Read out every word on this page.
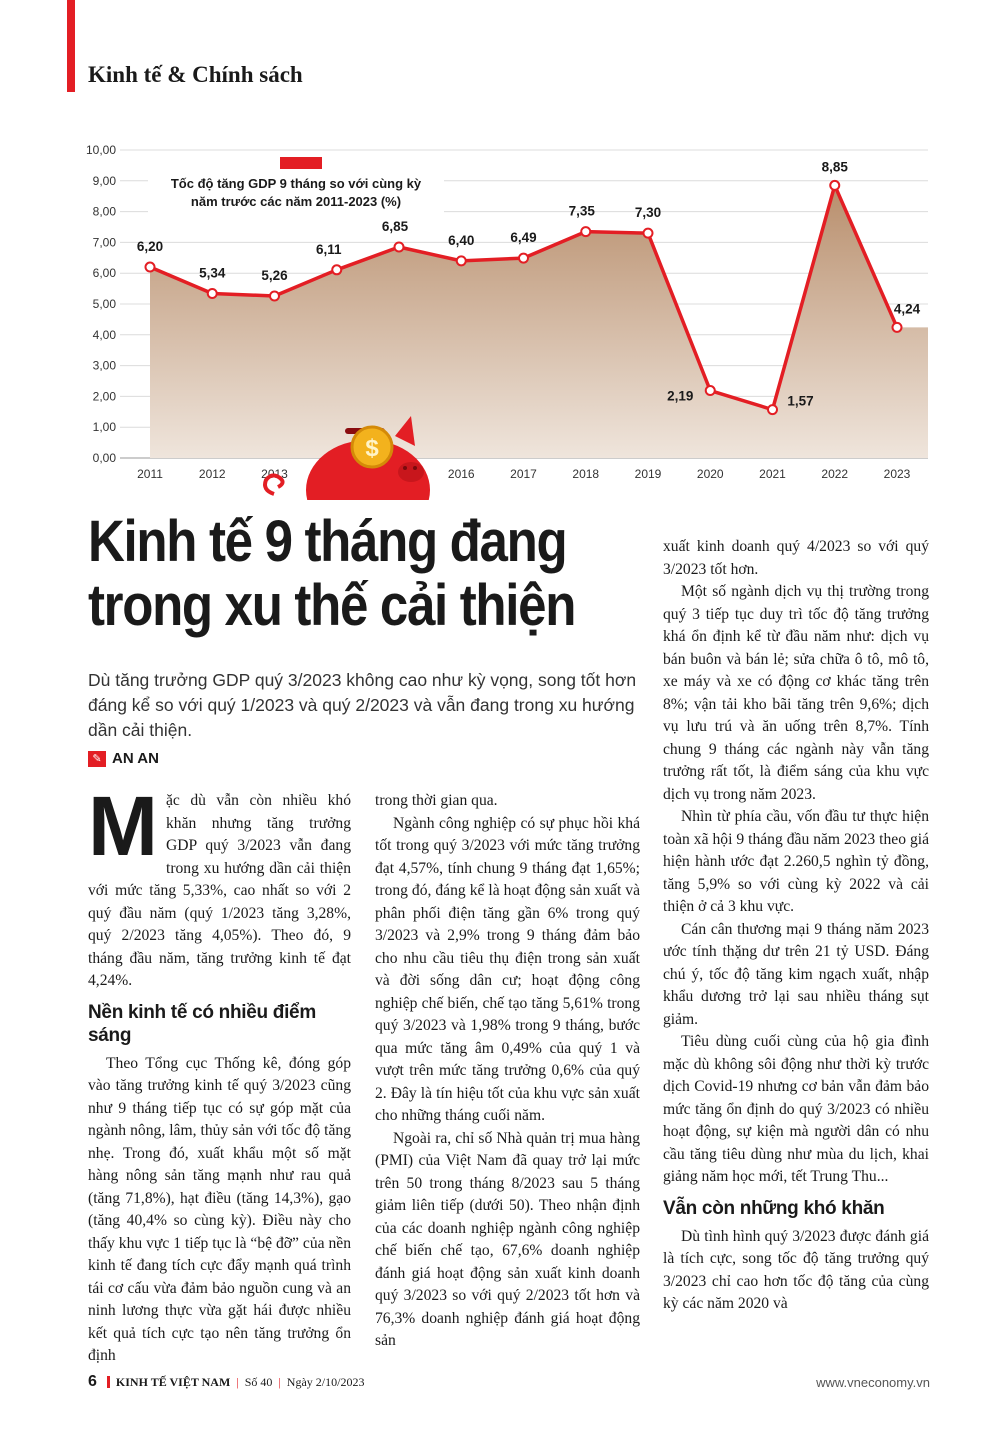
Kinh tế & Chính sách
0,00
1,00
2,00
3,00
4,00
5,00
6,00
7,00
8,00
9,00
10,00
2011	2012	2013	2016	2017	2018	2019	2020	2021	2022	2023
$
Tốc độ tăng GDP 9 tháng so với cùng kỳ
năm trước các năm 2011-2023 (%)
6,20
5,34	5,26
6,11
6,85
6,40	6,49
7,35	7,30
2,19	1,57
8,85
4,24
Kinh tế 9 tháng đang
trong xu thế cải thiện
Dù tăng trưởng GDP quý 3/2023 không cao như kỳ vọng, song tốt hơn đáng kể so với quý 1/2023 và quý 2/2023 và vẫn đang trong xu hướng dần cải thiện.
✎ AN AN

Mặc dù vẫn còn nhiều khó khăn nhưng tăng trưởng GDP quý 3/2023 vẫn đang trong xu hướng dần cải thiện với mức tăng 5,33%, cao nhất so với 2 quý đầu năm (quý 1/2023 tăng 3,28%, quý 2/2023 tăng 4,05%). Theo đó, 9 tháng đầu năm, tăng trưởng kinh tế đạt 4,24%.

Nền kinh tế có nhiều điểm sáng

Theo Tổng cục Thống kê, đóng góp vào tăng trưởng kinh tế quý 3/2023 cũng như 9 tháng tiếp tục có sự góp mặt của ngành nông, lâm, thủy sản với tốc độ tăng nhẹ. Trong đó, xuất khẩu một số mặt hàng nông sản tăng mạnh như rau quả (tăng 71,8%), hạt điều (tăng 14,3%), gạo (tăng 40,4% so cùng kỳ). Điều này cho thấy khu vực 1 tiếp tục là “bệ đỡ” của nền kinh tế đang tích cực đẩy mạnh quá trình tái cơ cấu vừa đảm bảo nguồn cung và an ninh lương thực vừa gặt hái được nhiều kết quả tích cực tạo nên tăng trưởng ổn định

trong thời gian qua.

Ngành công nghiệp có sự phục hồi khá tốt trong quý 3/2023 với mức tăng trưởng đạt 4,57%, tính chung 9 tháng đạt 1,65%; trong đó, đáng kể là hoạt động sản xuất và phân phối điện tăng gần 6% trong quý 3/2023 và 2,9% trong 9 tháng đảm bảo cho nhu cầu tiêu thụ điện trong sản xuất và đời sống dân cư; hoạt động công nghiệp chế biến, chế tạo tăng 5,61% trong quý 3/2023 và 1,98% trong 9 tháng, bước qua mức tăng âm 0,49% của quý 1 và vượt trên mức tăng trưởng 0,6% của quý 2. Đây là tín hiệu tốt của khu vực sản xuất cho những tháng cuối năm.

Ngoài ra, chỉ số Nhà quản trị mua hàng (PMI) của Việt Nam đã quay trở lại mức trên 50 trong tháng 8/2023 sau 5 tháng giảm liên tiếp (dưới 50). Theo nhận định của các doanh nghiệp ngành công nghiệp chế biến chế tạo, 67,6% doanh nghiệp đánh giá hoạt động sản xuất kinh doanh quý 3/2023 so với quý 2/2023 tốt hơn và 76,3% doanh nghiệp đánh giá hoạt động sản

xuất kinh doanh quý 4/2023 so với quý 3/2023 tốt hơn.

Một số ngành dịch vụ thị trường trong quý 3 tiếp tục duy trì tốc độ tăng trưởng khá ổn định kể từ đầu năm như: dịch vụ bán buôn và bán lẻ; sửa chữa ô tô, mô tô, xe máy và xe có động cơ khác tăng trên 8%; vận tải kho bãi tăng trên 9,6%; dịch vụ lưu trú và ăn uống trên 8,7%. Tính chung 9 tháng các ngành này vẫn tăng trưởng rất tốt, là điểm sáng của khu vực dịch vụ trong năm 2023.

Nhìn từ phía cầu, vốn đầu tư thực hiện toàn xã hội 9 tháng đầu năm 2023 theo giá hiện hành ước đạt 2.260,5 nghìn tỷ đồng, tăng 5,9% so với cùng kỳ 2022 và cải thiện ở cả 3 khu vực.

Cán cân thương mại 9 tháng năm 2023 ước tính thặng dư trên 21 tỷ USD. Đáng chú ý, tốc độ tăng kim ngạch xuất, nhập khẩu dương trở lại sau nhiều tháng sụt giảm.

Tiêu dùng cuối cùng của hộ gia đình mặc dù không sôi động như thời kỳ trước dịch Covid-19 nhưng cơ bản vẫn đảm bảo mức tăng ổn định do quý 3/2023 có nhiều hoạt động, sự kiện mà người dân có nhu cầu tăng tiêu dùng như mùa du lịch, khai giảng năm học mới, tết Trung Thu...

Vẫn còn những khó khăn

Dù tình hình quý 3/2023 được đánh giá là tích cực, song tốc độ tăng trưởng quý 3/2023 chỉ cao hơn tốc độ tăng của cùng kỳ các năm 2020 và

6 KINH TẾ VIỆT NAM | Số 40 | Ngày 2/10/2023	www.vneconomy.vn
